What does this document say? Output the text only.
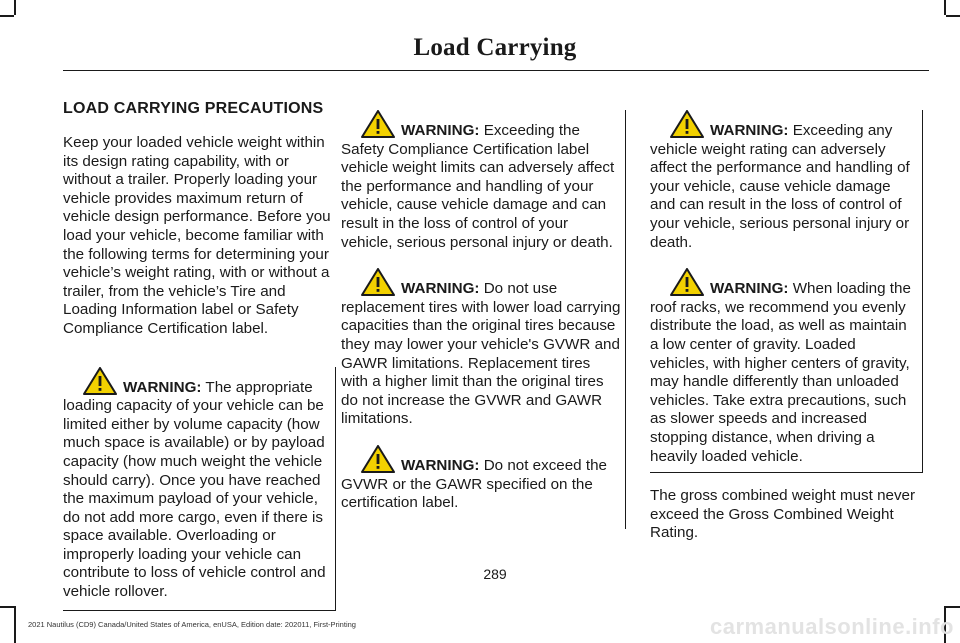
Load Carrying
LOAD CARRYING PRECAUTIONS

Keep your loaded vehicle weight within its design rating capability, with or without a trailer. Properly loading your vehicle provides maximum return of vehicle design performance. Before you load your vehicle, become familiar with the following terms for determining your vehicle’s weight rating, with or without a trailer, from the vehicle’s Tire and Loading Information label or Safety Compliance Certification label.

WARNING: The appropriate loading capacity of your vehicle can be limited either by volume capacity (how much space is available) or by payload capacity (how much weight the vehicle should carry). Once you have reached the maximum payload of your vehicle, do not add more cargo, even if there is space available. Overloading or improperly loading your vehicle can contribute to loss of vehicle control and vehicle rollover.

WARNING: Exceeding the Safety Compliance Certification label vehicle weight limits can adversely affect the performance and handling of your vehicle, cause vehicle damage and can result in the loss of control of your vehicle, serious personal injury or death.

WARNING: Do not use replacement tires with lower load carrying capacities than the original tires because they may lower your vehicle's GVWR and GAWR limitations. Replacement tires with a higher limit than the original tires do not increase the GVWR and GAWR limitations.

WARNING: Do not exceed the GVWR or the GAWR specified on the certification label.

WARNING: Exceeding any vehicle weight rating can adversely affect the performance and handling of your vehicle, cause vehicle damage and can result in the loss of control of your vehicle, serious personal injury or death.

WARNING: When loading the roof racks, we recommend you evenly distribute the load, as well as maintain a low center of gravity. Loaded vehicles, with higher centers of gravity, may handle differently than unloaded vehicles. Take extra precautions, such as slower speeds and increased stopping distance, when driving a heavily loaded vehicle.

The gross combined weight must never exceed the Gross Combined Weight Rating.

289
2021 Nautilus (CD9) Canada/United States of America, enUSA, Edition date: 202011, First-Printing	carmanualsonline.info
